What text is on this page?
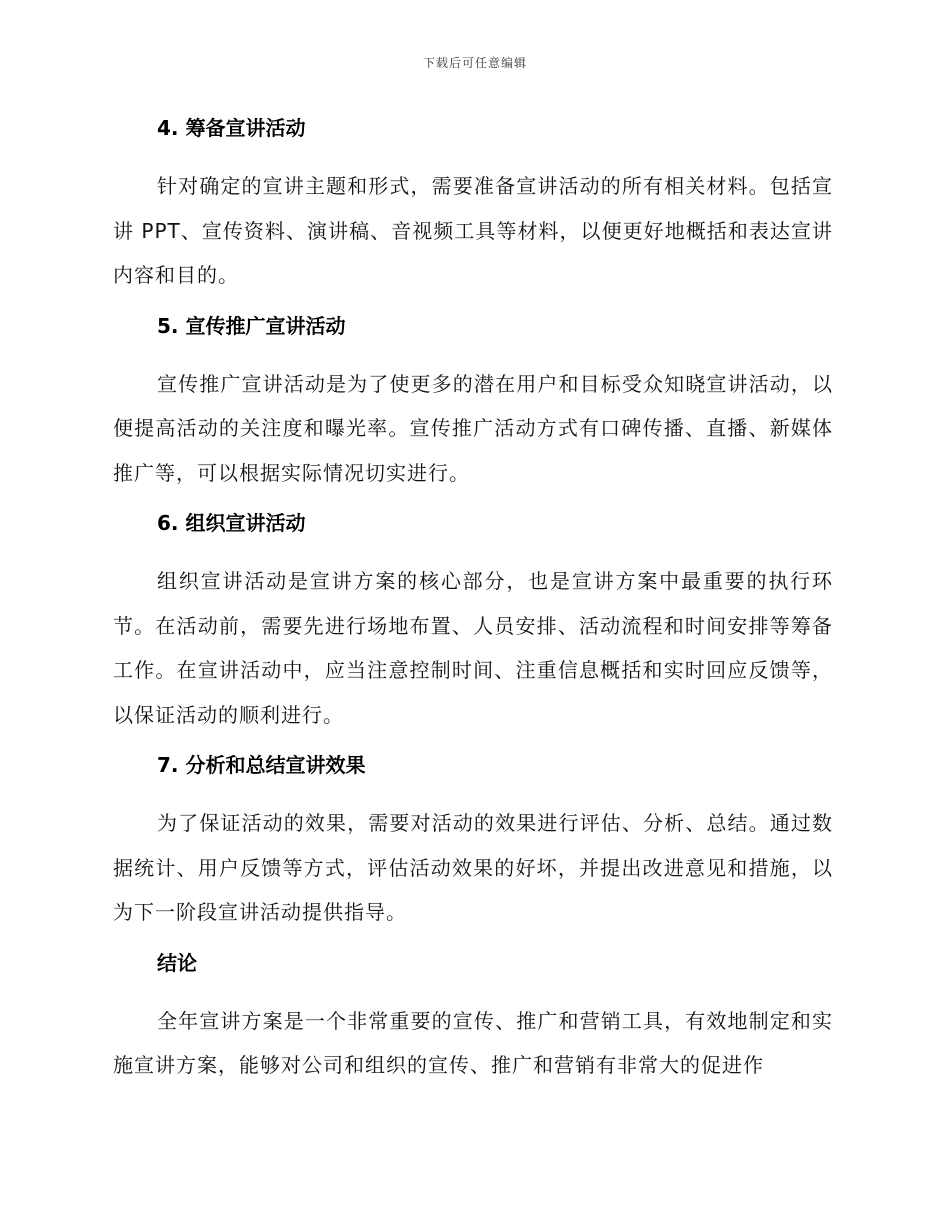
下载后可任意编辑
4. 筹备宣讲活动

针对确定的宣讲主题和形式，需要准备宣讲活动的所有相关材料。包括宣讲 PPT、宣传资料、演讲稿、音视频工具等材料，以便更好地概括和表达宣讲内容和目的。

5. 宣传推广宣讲活动

宣传推广宣讲活动是为了使更多的潜在用户和目标受众知晓宣讲活动，以便提高活动的关注度和曝光率。宣传推广活动方式有口碑传播、直播、新媒体推广等，可以根据实际情况切实进行。

6. 组织宣讲活动

组织宣讲活动是宣讲方案的核心部分，也是宣讲方案中最重要的执行环节。在活动前，需要先进行场地布置、人员安排、活动流程和时间安排等筹备工作。在宣讲活动中，应当注意控制时间、注重信息概括和实时回应反馈等，以保证活动的顺利进行。

7. 分析和总结宣讲效果

为了保证活动的效果，需要对活动的效果进行评估、分析、总结。通过数据统计、用户反馈等方式，评估活动效果的好坏，并提出改进意见和措施，以为下一阶段宣讲活动提供指导。

结论

全年宣讲方案是一个非常重要的宣传、推广和营销工具，有效地制定和实施宣讲方案，能够对公司和组织的宣传、推广和营销有非常大的促进作
